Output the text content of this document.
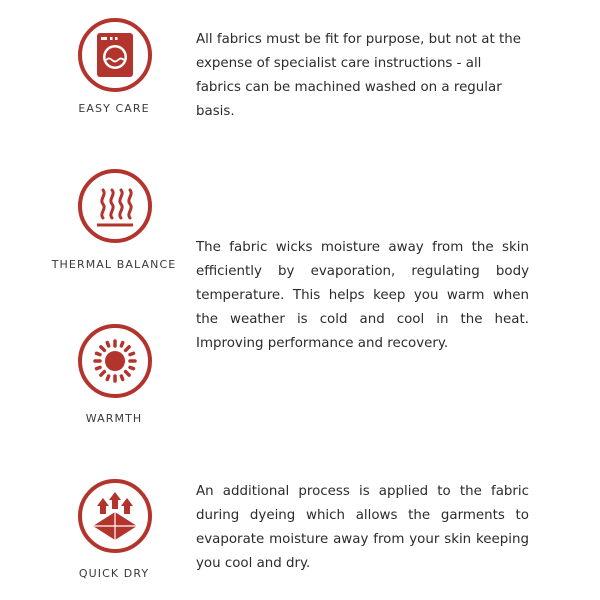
EASY CARE

All fabrics must be fit for purpose, but not at the expense of specialist care instructions - all fabrics can be machined washed on a regular basis.

THERMAL BALANCE

The fabric wicks moisture away from the skin efficiently by evaporation, regulating body temperature. This helps keep you warm when the weather is cold and cool in the heat. Improving performance and recovery.

WARMTH
QUICK DRY

An additional process is applied to the fabric during dyeing which allows the garments to evaporate moisture away from your skin keeping you cool and dry.
